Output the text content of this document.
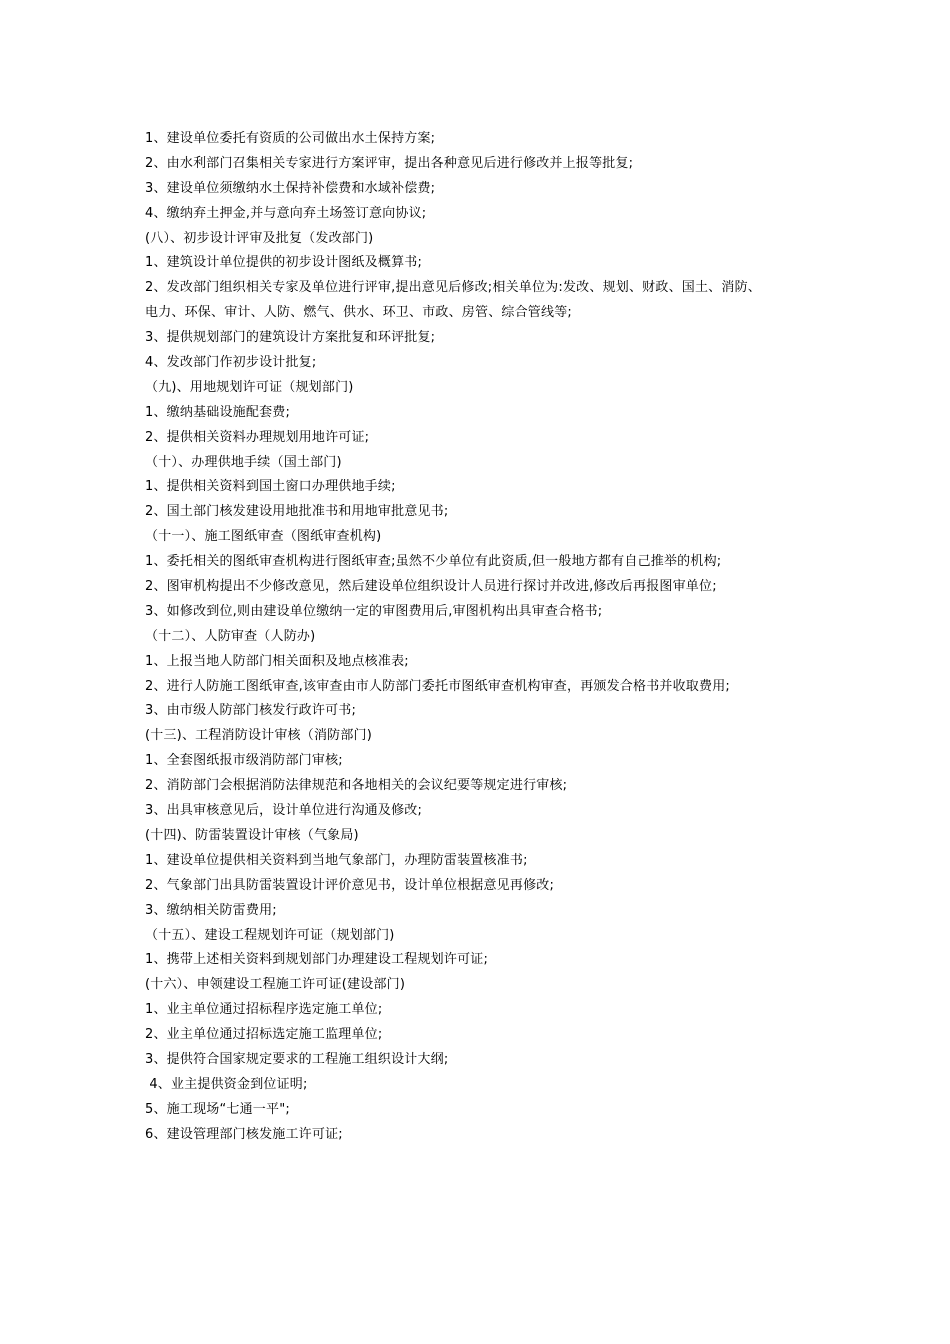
1、建设单位委托有资质的公司做出水土保持方案;
2、由水利部门召集相关专家进行方案评审，提出各种意见后进行修改并上报等批复;
3、建设单位须缴纳水土保持补偿费和水域补偿费;
4、缴纳弃土押金,并与意向弃土场签订意向协议;
(八）、初步设计评审及批复（发改部门)
1、建筑设计单位提供的初步设计图纸及概算书;
2、发改部门组织相关专家及单位进行评审,提出意见后修改;相关单位为:发改、规划、财政、国土、消防、
电力、环保、审计、人防、燃气、供水、环卫、市政、房管、综合管线等;
3、提供规划部门的建筑设计方案批复和环评批复;
4、发改部门作初步设计批复;
（九)、用地规划许可证（规划部门)
1、缴纳基础设施配套费;
2、提供相关资料办理规划用地许可证;
（十）、办理供地手续（国土部门)
1、提供相关资料到国土窗口办理供地手续;
2、国土部门核发建设用地批准书和用地审批意见书;
（十一）、施工图纸审查（图纸审查机构)
1、委托相关的图纸审查机构进行图纸审查;虽然不少单位有此资质,但一般地方都有自己推举的机构;
2、图审机构提出不少修改意见，然后建设单位组织设计人员进行探讨并改进,修改后再报图审单位;
3、如修改到位,则由建设单位缴纳一定的审图费用后,审图机构出具审查合格书;
（十二）、人防审查（人防办)
1、上报当地人防部门相关面积及地点核准表;
2、进行人防施工图纸审查,该审查由市人防部门委托市图纸审查机构审查，再颁发合格书并收取费用;
3、由市级人防部门核发行政许可书;
(十三)、工程消防设计审核（消防部门)
1、全套图纸报市级消防部门审核;
2、消防部门会根据消防法律规范和各地相关的会议纪要等规定进行审核;
3、出具审核意见后，设计单位进行沟通及修改;
(十四)、防雷装置设计审核（气象局)
1、建设单位提供相关资料到当地气象部门，办理防雷装置核准书;
2、气象部门出具防雷装置设计评价意见书，设计单位根据意见再修改;
3、缴纳相关防雷费用;
（十五）、建设工程规划许可证（规划部门)
1、携带上述相关资料到规划部门办理建设工程规划许可证;
(十六）、申领建设工程施工许可证(建设部门)
1、业主单位通过招标程序选定施工单位;
2、业主单位通过招标选定施工监理单位;
3、提供符合国家规定要求的工程施工组织设计大纲;
4、业主提供资金到位证明;
5、施工现场“七通一平";
6、建设管理部门核发施工许可证;
